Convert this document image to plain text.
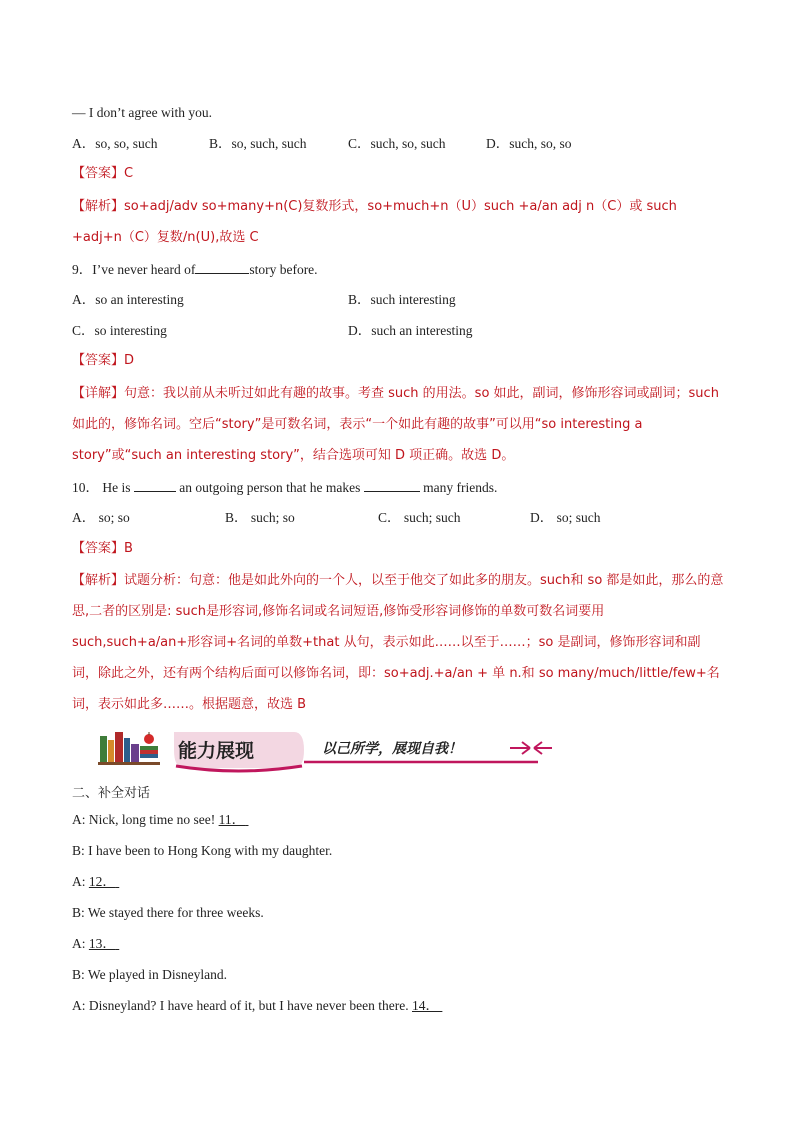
— I don’t agree with you.
A．so, so, such	B．so, such, such	C．such, so, such	D．such, so, so
【答案】C
【解析】so+adj/adv so+many+n(C)复数形式，so+much+n（U）such +a/an adj n（C）或 such +adj+n（C）复数/n(U),故选 C
9．I’ve never heard of	story before.
A．so an interesting	B．such interesting
C．so interesting	D．such an interesting
【答案】D
【详解】句意：我以前从未听过如此有趣的故事。考查 such 的用法。so 如此，副词，修饰形容词或副词；such 如此的，修饰名词。空后“story”是可数名词，表示“一个如此有趣的故事”可以用“so interesting a story”或“such an interesting story”，结合选项可知 D 项正确。故选 D。
10． He is	an outgoing person that he makes	many friends.
A． so; so	B． such; so	C． such; such	D． so; such
【答案】B
【解析】试题分析：句意：他是如此外向的一个人，以至于他交了如此多的朋友。such和 so 都是如此，那么的意思,二者的区别是: such是形容词,修饰名词或名词短语,修饰受形容词修饰的单数可数名词要用such,such+a/an+形容词+名词的单数+that 从句，表示如此……以至于……；so 是副词，修饰形容词和副词，除此之外，还有两个结构后面可以修饰名词，即：so+adj.+a/an + 单 n.和 so many/much/little/few+名词，表示如此多……。根据题意，故选 B
能力展现	以己所学，展现自我！
二、补全对话
A: Nick, long time no see! 11．
B: I have been to Hong Kong with my daughter.
A: 12．
B: We stayed there for three weeks.
A: 13．
B: We played in Disneyland.
A: Disneyland? I have heard of it, but I have never been there. 14．
